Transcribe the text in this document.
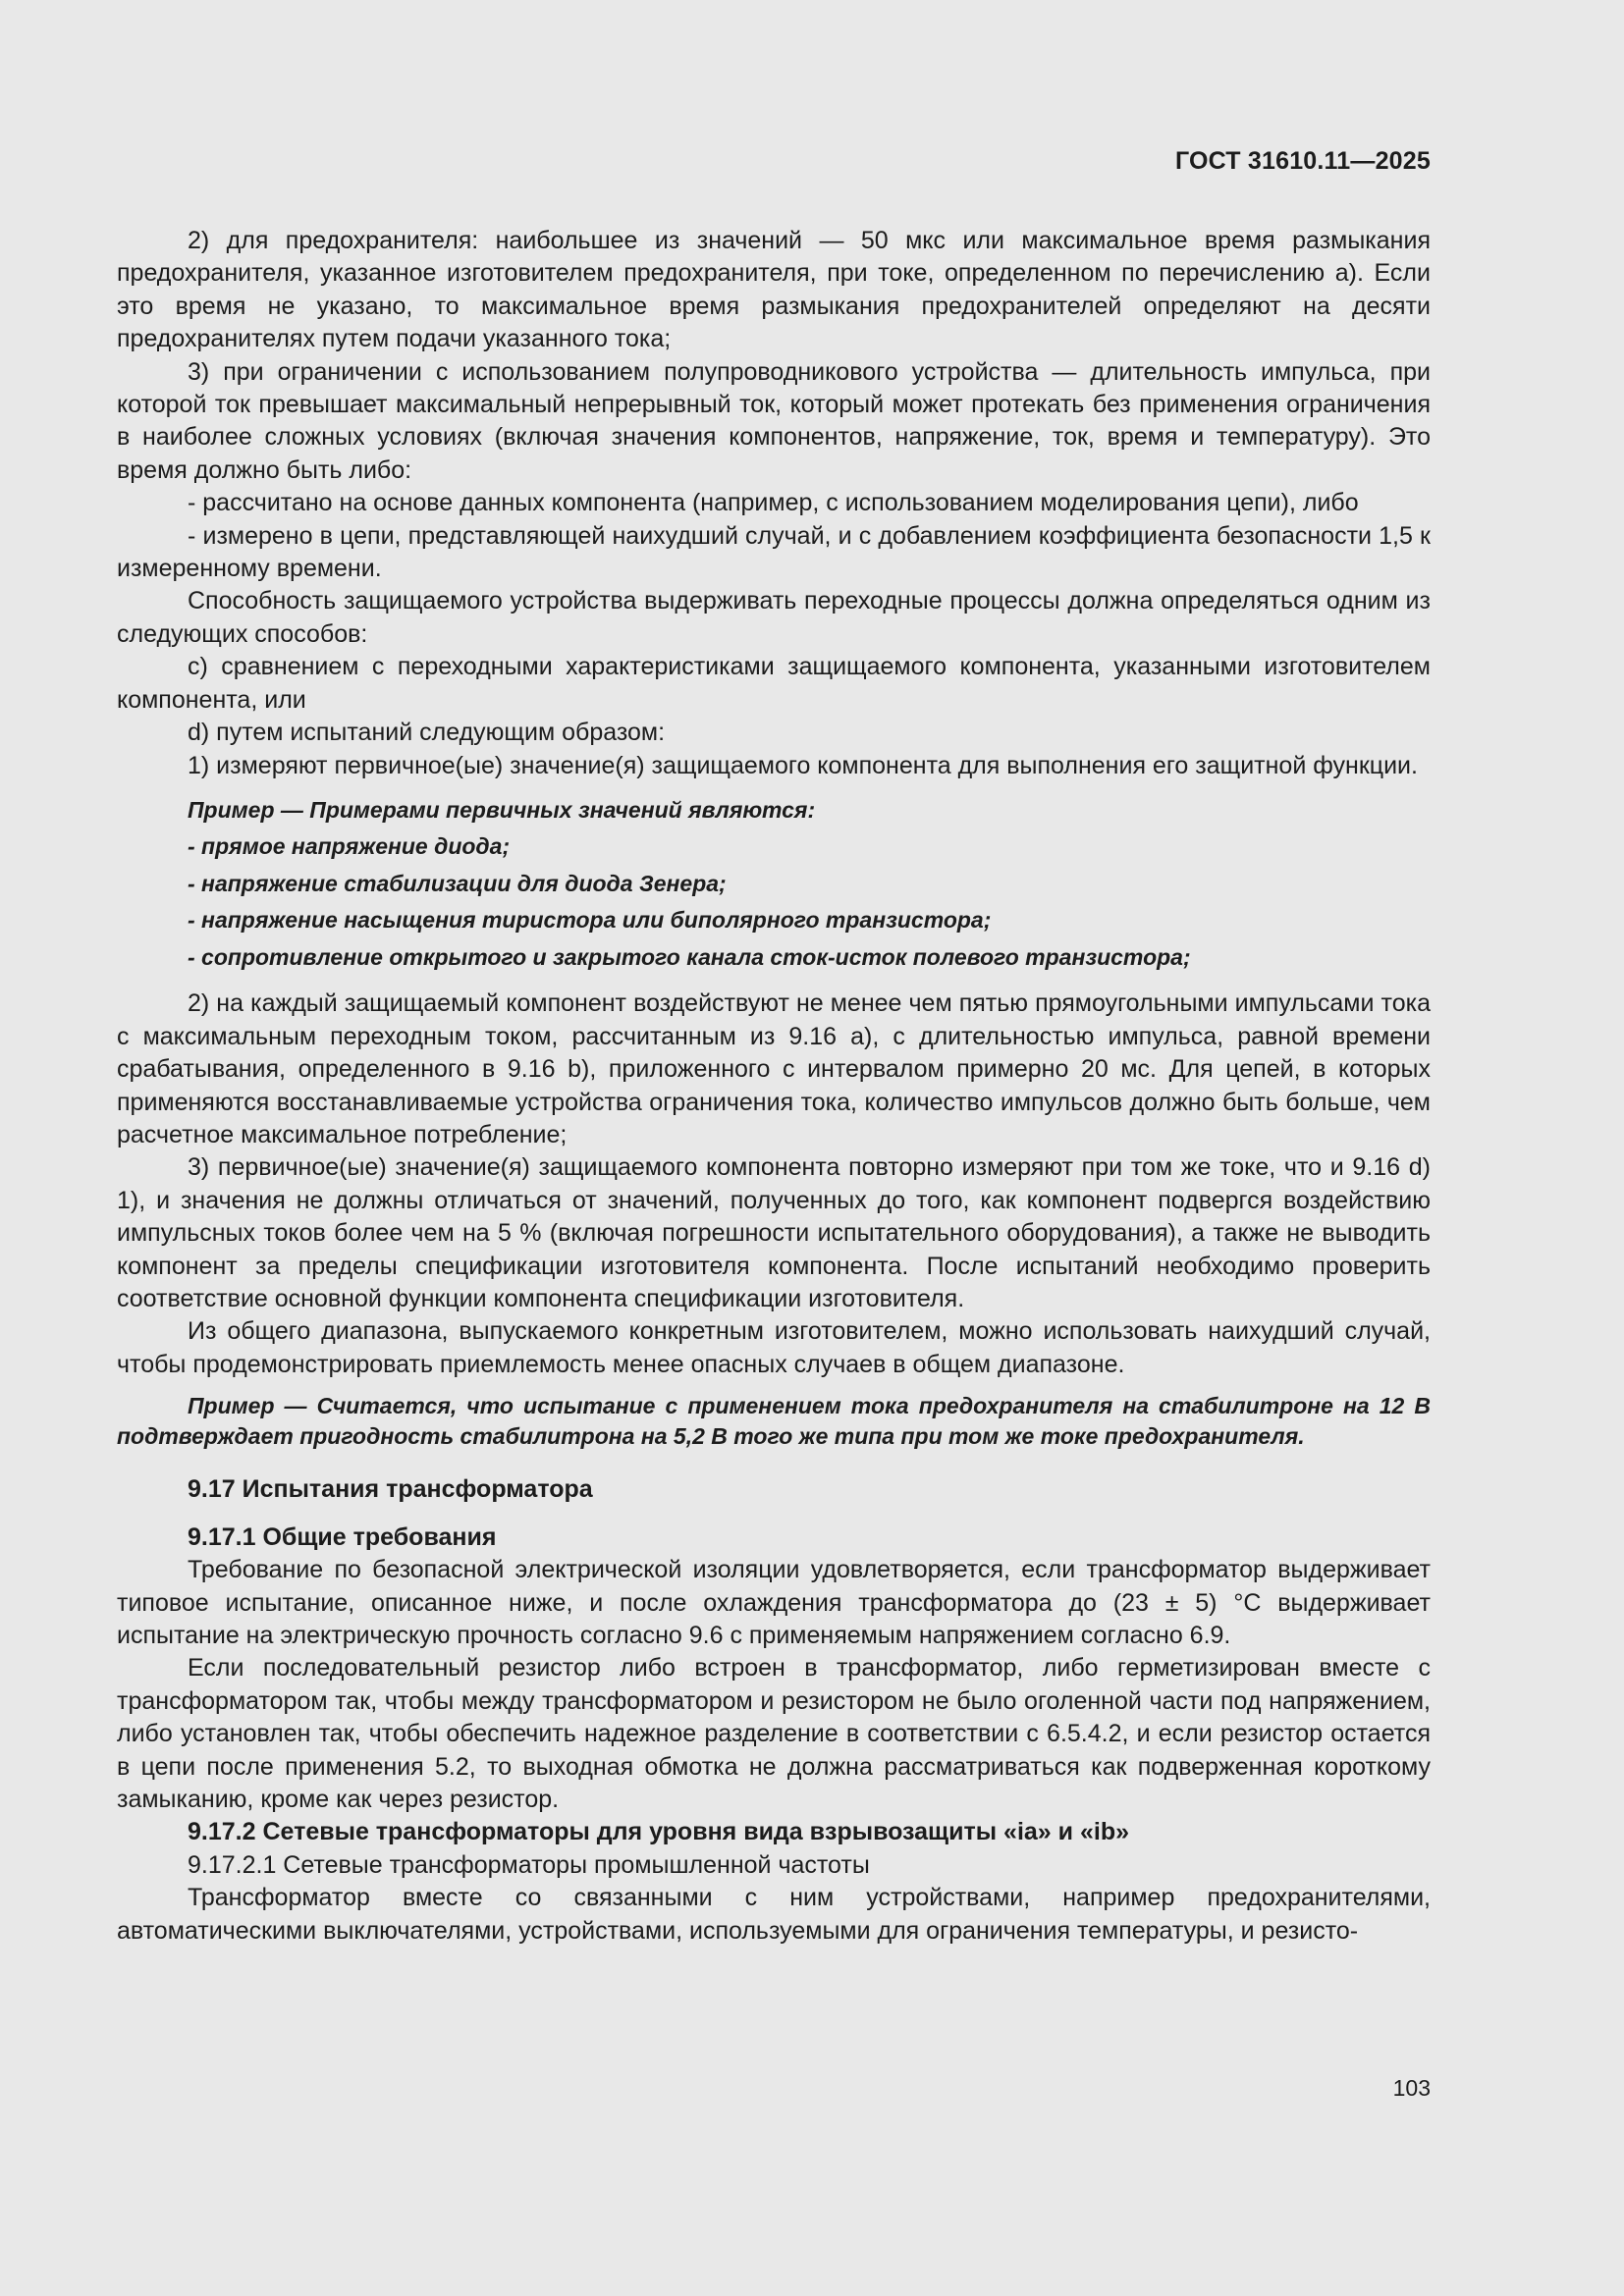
ГОСТ 31610.11—2025

2) для предохранителя: наибольшее из значений — 50 мкс или максимальное время размыкания предохранителя, указанное изготовителем предохранителя, при токе, определенном по перечислению a). Если это время не указано, то максимальное время размыкания предохранителей определяют на десяти предохранителях путем подачи указанного тока;

3) при ограничении с использованием полупроводникового устройства — длительность импульса, при которой ток превышает максимальный непрерывный ток, который может протекать без применения ограничения в наиболее сложных условиях (включая значения компонентов, напряжение, ток, время и температуру). Это время должно быть либо:

- рассчитано на основе данных компонента (например, с использованием моделирования цепи), либо

- измерено в цепи, представляющей наихудший случай, и с добавлением коэффициента безопасности 1,5 к измеренному времени.

Способность защищаемого устройства выдерживать переходные процессы должна определяться одним из следующих способов:

c) сравнением с переходными характеристиками защищаемого компонента, указанными изготовителем компонента, или

d) путем испытаний следующим образом:

1) измеряют первичное(ые) значение(я) защищаемого компонента для выполнения его защитной функции.

Пример — Примерами первичных значений являются:

- прямое напряжение диода;

- напряжение стабилизации для диода Зенера;

- напряжение насыщения тиристора или биполярного транзистора;

- сопротивление открытого и закрытого канала сток-исток полевого транзистора;

2) на каждый защищаемый компонент воздействуют не менее чем пятью прямоугольными импульсами тока с максимальным переходным током, рассчитанным из 9.16 a), с длительностью импульса, равной времени срабатывания, определенного в 9.16 b), приложенного с интервалом примерно 20 мс. Для цепей, в которых применяются восстанавливаемые устройства ограничения тока, количество импульсов должно быть больше, чем расчетное максимальное потребление;

3) первичное(ые) значение(я) защищаемого компонента повторно измеряют при том же токе, что и 9.16 d) 1), и значения не должны отличаться от значений, полученных до того, как компонент подвергся воздействию импульсных токов более чем на 5 % (включая погрешности испытательного оборудования), а также не выводить компонент за пределы спецификации изготовителя компонента. После испытаний необходимо проверить соответствие основной функции компонента спецификации изготовителя.

Из общего диапазона, выпускаемого конкретным изготовителем, можно использовать наихудший случай, чтобы продемонстрировать приемлемость менее опасных случаев в общем диапазоне.

Пример — Считается, что испытание с применением тока предохранителя на стабилитроне на 12 В подтверждает пригодность стабилитрона на 5,2 В того же типа при том же токе предохранителя.

9.17 Испытания трансформатора

9.17.1 Общие требования

Требование по безопасной электрической изоляции удовлетворяется, если трансформатор выдерживает типовое испытание, описанное ниже, и после охлаждения трансформатора до (23 ± 5) °С выдерживает испытание на электрическую прочность согласно 9.6 с применяемым напряжением согласно 6.9.

Если последовательный резистор либо встроен в трансформатор, либо герметизирован вместе с трансформатором так, чтобы между трансформатором и резистором не было оголенной части под напряжением, либо установлен так, чтобы обеспечить надежное разделение в соответствии с 6.5.4.2, и если резистор остается в цепи после применения 5.2, то выходная обмотка не должна рассматриваться как подверженная короткому замыканию, кроме как через резистор.

9.17.2 Сетевые трансформаторы для уровня вида взрывозащиты «ia» и «ib»

9.17.2.1 Сетевые трансформаторы промышленной частоты

Трансформатор вместе со связанными с ним устройствами, например предохранителями, автоматическими выключателями, устройствами, используемыми для ограничения температуры, и резисто-

103
